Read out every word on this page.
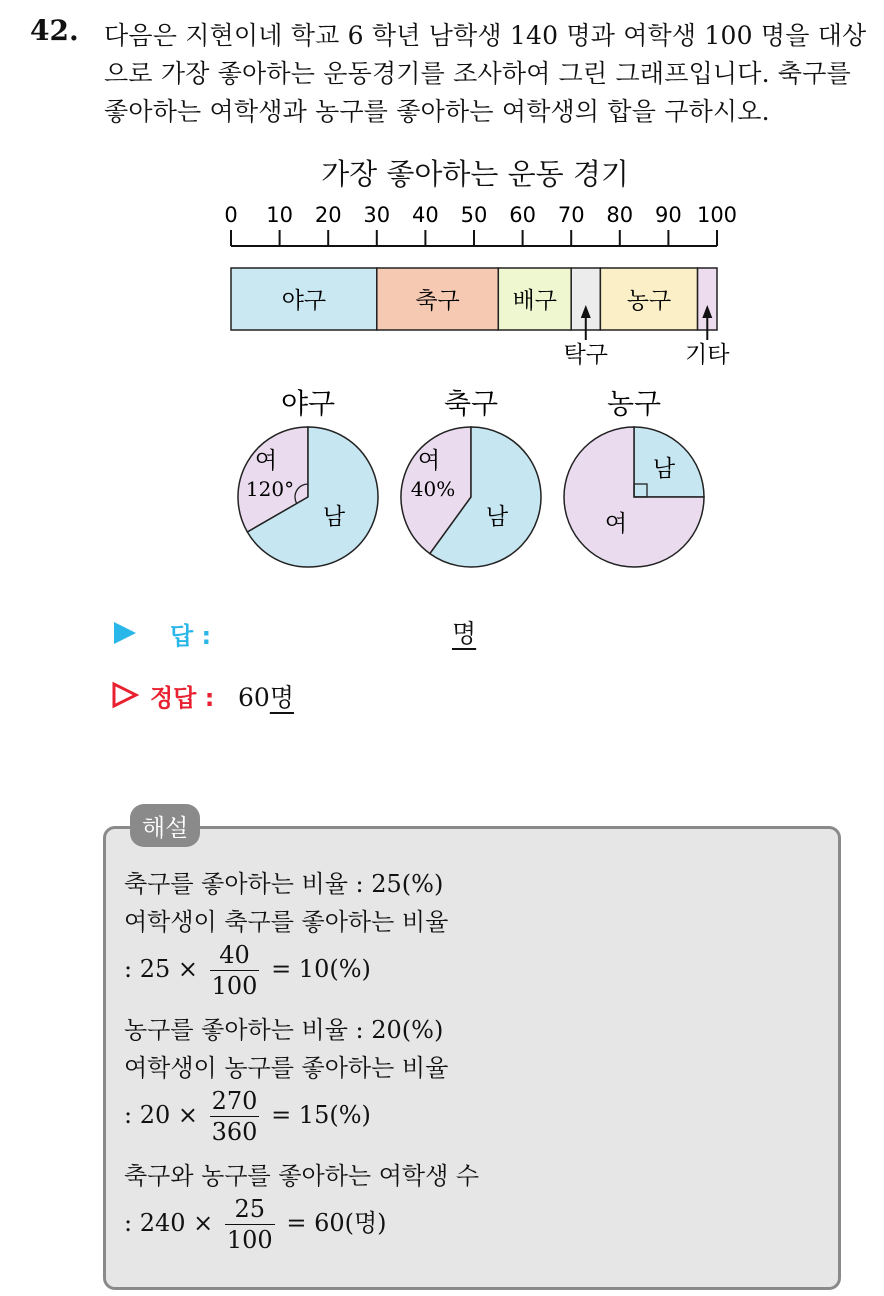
42. 다음은 지현이네 학교 6 학년 남학생 140 명과 여학생 100 명을 대상
으로 가장 좋아하는 운동경기를 조사하여 그린 그래프입니다. 축구를
좋아하는 여학생과 농구를 좋아하는 여학생의 합을 구하시오.
가장 좋아하는 운동 경기
0 10 20 30 40 50 60 70 80 90 100
야구	축구 배구	농구
탁구	기타
야구
여
남
120°
축구
여
남
40%
농구
남
여
답 :	명
정답 : 60명
해설
축구를 좋아하는 비율 : 25(%)
여학생이 축구를 좋아하는 비율
: $25 \times \frac{40}{100} = 10(\%)$
농구를 좋아하는 비율 : 20(%)
여학생이 농구를 좋아하는 비율
: $20 \times \frac{270}{360} = 15(\%)$
축구와 농구를 좋아하는 여학생 수
: $240 \times \frac{25}{100} = 60$(명)
